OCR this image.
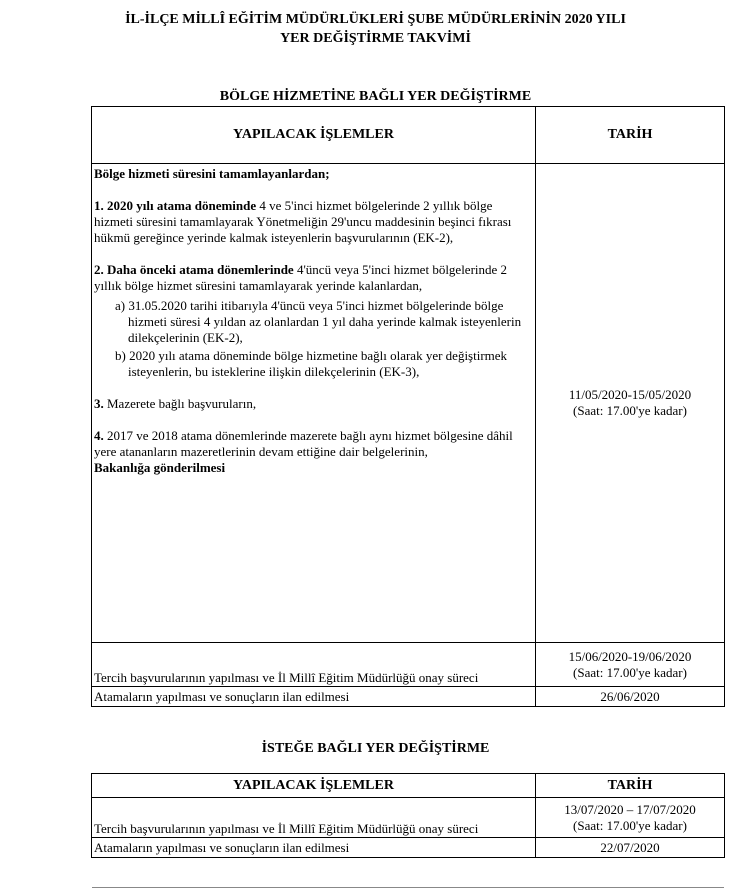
İL-İLÇE MİLLÎ EĞİTİM MÜDÜRLÜKLERİ ŞUBE MÜDÜRLERİNİN 2020 YILI
YER DEĞİŞTİRME TAKVİMİ
BÖLGE HİZMETİNE BAĞLI YER DEĞİŞTİRME
YAPILACAK İŞLEMLER	TARİH

Bölge hizmeti süresini tamamlayanlardan;

1. 2020 yılı atama döneminde 4 ve 5'inci hizmet bölgelerinde 2 yıllık bölge hizmeti süresini tamamlayarak Yönetmeliğin 29'uncu maddesinin beşinci fıkrası hükmü gereğince yerinde kalmak isteyenlerin başvurularının (EK-2),

2. Daha önceki atama dönemlerinde 4'üncü veya 5'inci hizmet bölgelerinde 2 yıllık bölge hizmet süresini tamamlayarak yerinde kalanlardan,

a) 31.05.2020 tarihi itibarıyla 4'üncü veya 5'inci hizmet bölgelerinde bölge hizmeti süresi 4 yıldan az olanlardan 1 yıl daha yerinde kalmak isteyenlerin dilekçelerinin (EK-2),

b) 2020 yılı atama döneminde bölge hizmetine bağlı olarak yer değiştirmek isteyenlerin, bu isteklerine ilişkin dilekçelerinin (EK-3),

3. Mazerete bağlı başvuruların,

4. 2017 ve 2018 atama dönemlerinde mazerete bağlı aynı hizmet bölgesine dâhil yere atananların mazeretlerinin devam ettiğine dair belgelerinin,
Bakanlığa gönderilmesi

11/05/2020-15/05/2020

(Saat: 17.00'ye kadar)

Tercih başvurularının yapılması ve İl Millî Eğitim Müdürlüğü onay süreci	

15/06/2020-19/06/2020

(Saat: 17.00'ye kadar)

Atamaların yapılması ve sonuçların ilan edilmesi	26/06/2020
İSTEĞE BAĞLI YER DEĞİŞTİRME
YAPILACAK İŞLEMLER	TARİH
Tercih başvurularının yapılması ve İl Millî Eğitim Müdürlüğü onay süreci	

13/07/2020 – 17/07/2020

(Saat: 17.00'ye kadar)

Atamaların yapılması ve sonuçların ilan edilmesi	22/07/2020
